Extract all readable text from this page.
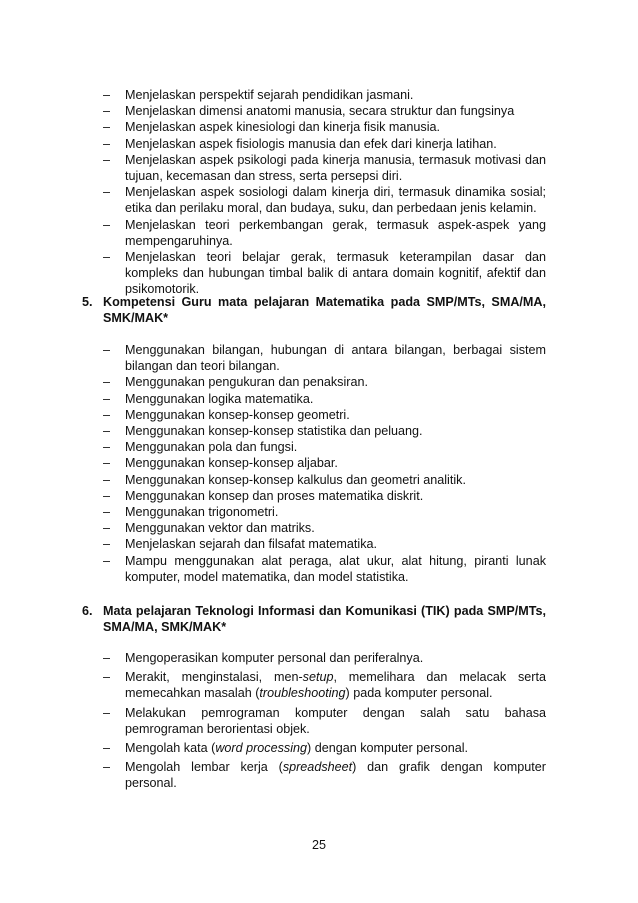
– Menjelaskan perspektif sejarah pendidikan jasmani.
– Menjelaskan dimensi anatomi manusia, secara struktur dan fungsinya
– Menjelaskan aspek kinesiologi dan kinerja fisik manusia.
– Menjelaskan aspek fisiologis manusia dan efek dari kinerja latihan.
– Menjelaskan aspek psikologi pada kinerja manusia, termasuk motivasi dan tujuan, kecemasan dan stress, serta persepsi diri.
– Menjelaskan aspek sosiologi dalam kinerja diri, termasuk dinamika sosial; etika dan perilaku moral, dan budaya, suku, dan perbedaan jenis kelamin.
– Menjelaskan teori perkembangan gerak, termasuk aspek-aspek yang mempengaruhinya.
– Menjelaskan teori belajar gerak, termasuk keterampilan dasar dan kompleks dan hubungan timbal balik di antara domain kognitif, afektif dan psikomotorik.
5. Kompetensi Guru mata pelajaran Matematika pada SMP/MTs, SMA/MA, SMK/MAK*
– Menggunakan bilangan, hubungan di antara bilangan, berbagai sistem bilangan dan teori bilangan.
– Menggunakan pengukuran dan penaksiran.
– Menggunakan logika matematika.
– Menggunakan konsep-konsep geometri.
– Menggunakan konsep-konsep statistika dan peluang.
– Menggunakan pola dan fungsi.
– Menggunakan konsep-konsep aljabar.
– Menggunakan konsep-konsep kalkulus dan geometri analitik.
– Menggunakan konsep dan proses matematika diskrit.
– Menggunakan trigonometri.
– Menggunakan vektor dan matriks.
– Menjelaskan sejarah dan filsafat matematika.
– Mampu menggunakan alat peraga, alat ukur, alat hitung, piranti lunak komputer, model matematika, dan model statistika.
6. Mata pelajaran Teknologi Informasi dan Komunikasi (TIK) pada SMP/MTs, SMA/MA, SMK/MAK*
– Mengoperasikan komputer personal dan periferalnya.
– Merakit, menginstalasi, men-setup, memelihara dan melacak serta memecahkan masalah (troubleshooting) pada komputer personal.
– Melakukan pemrograman komputer dengan salah satu bahasa pemrograman berorientasi objek.
– Mengolah kata (word processing) dengan komputer personal.
– Mengolah lembar kerja (spreadsheet) dan grafik dengan komputer personal.
25
